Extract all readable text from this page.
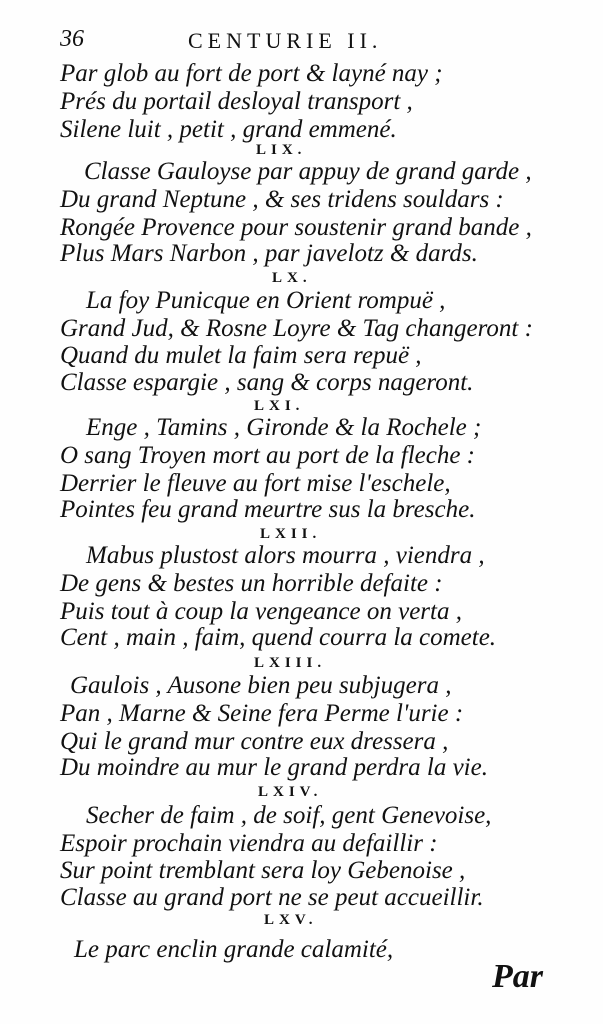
36	CENTURIE II.
Par glob au fort de port & layné nay ;
Prés du portail desloyal transport ,
Silene luit , petit , grand emmené.
LIX.
Classe Gauloyse par appuy de grand garde ,
Du grand Neptune , & ses tridens souldars :
Rongée Provence pour soustenir grand bande ,
Plus Mars Narbon , par javelotz & dards.
LX.
La foy Punicque en Orient rompuë ,
Grand Jud, & Rosne Loyre & Tag changeront :
Quand du mulet la faim sera repuë ,
Classe espargie , sang & corps nageront.
LXI.
Enge , Tamins , Gironde & la Rochele ;
O sang Troyen mort au port de la fleche :
Derrier le fleuve au fort mise l'eschele,
Pointes feu grand meurtre sus la bresche.
LXII.
Mabus plustost alors mourra , viendra ,
De gens & bestes un horrible defaite :
Puis tout à coup la vengeance on verta ,
Cent , main , faim, quend courra la comete.
LXIII.
Gaulois , Ausone bien peu subjugera ,
Pan , Marne & Seine fera Perme l'urie :
Qui le grand mur contre eux dressera ,
Du moindre au mur le grand perdra la vie.
LXIV.
Secher de faim , de soif, gent Genevoise,
Espoir prochain viendra au defaillir :
Sur point tremblant sera loy Gebenoise ,
Classe au grand port ne se peut accueillir.
LXV.
Le parc enclin grande calamité,
Par
